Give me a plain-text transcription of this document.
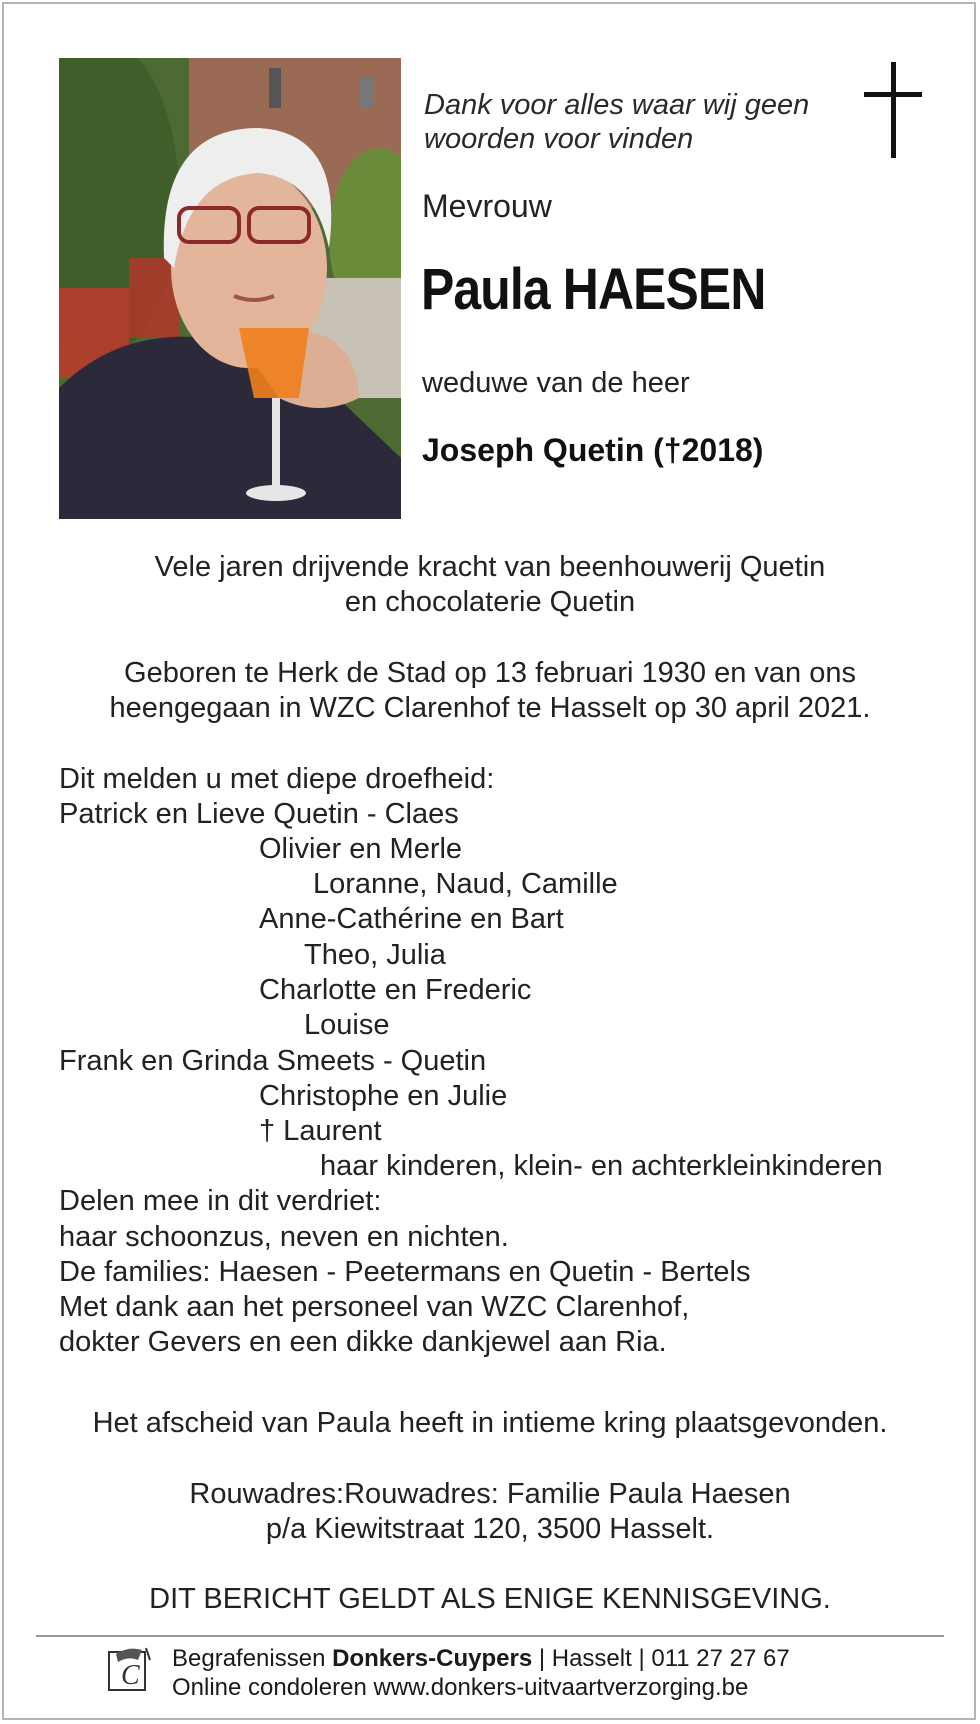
Dank voor alles waar wij geen
woorden voor vinden
Mevrouw
Paula HAESEN
weduwe van de heer
Joseph Quetin (†2018)
Vele jaren drijvende kracht van beenhouwerij Quetin
en chocolaterie Quetin
Geboren te Herk de Stad op 13 februari 1930 en van ons
heengegaan in WZC Clarenhof te Hasselt op 30 april 2021.
Dit melden u met diepe droefheid:
Patrick en Lieve Quetin - Claes
Olivier en Merle
Loranne, Naud, Camille
Anne-Cathérine en Bart
Theo, Julia
Charlotte en Frederic
Louise
Frank en Grinda Smeets - Quetin
Christophe en Julie
† Laurent
haar kinderen, klein- en achterkleinkinderen
Delen mee in dit verdriet:
haar schoonzus, neven en nichten.
De families: Haesen - Peetermans en Quetin - Bertels
Met dank aan het personeel van WZC Clarenhof,
dokter Gevers en een dikke dankjewel aan Ria.
Het afscheid van Paula heeft in intieme kring plaatsgevonden.
Rouwadres:Rouwadres: Familie Paula Haesen
p/a Kiewitstraat 120, 3500 Hasselt.
DIT BERICHT GELDT ALS ENIGE KENNISGEVING.
C
Begrafenissen Donkers-Cuypers | Hasselt | 011 27 27 67
Online condoleren www.donkers-uitvaartverzorging.be
